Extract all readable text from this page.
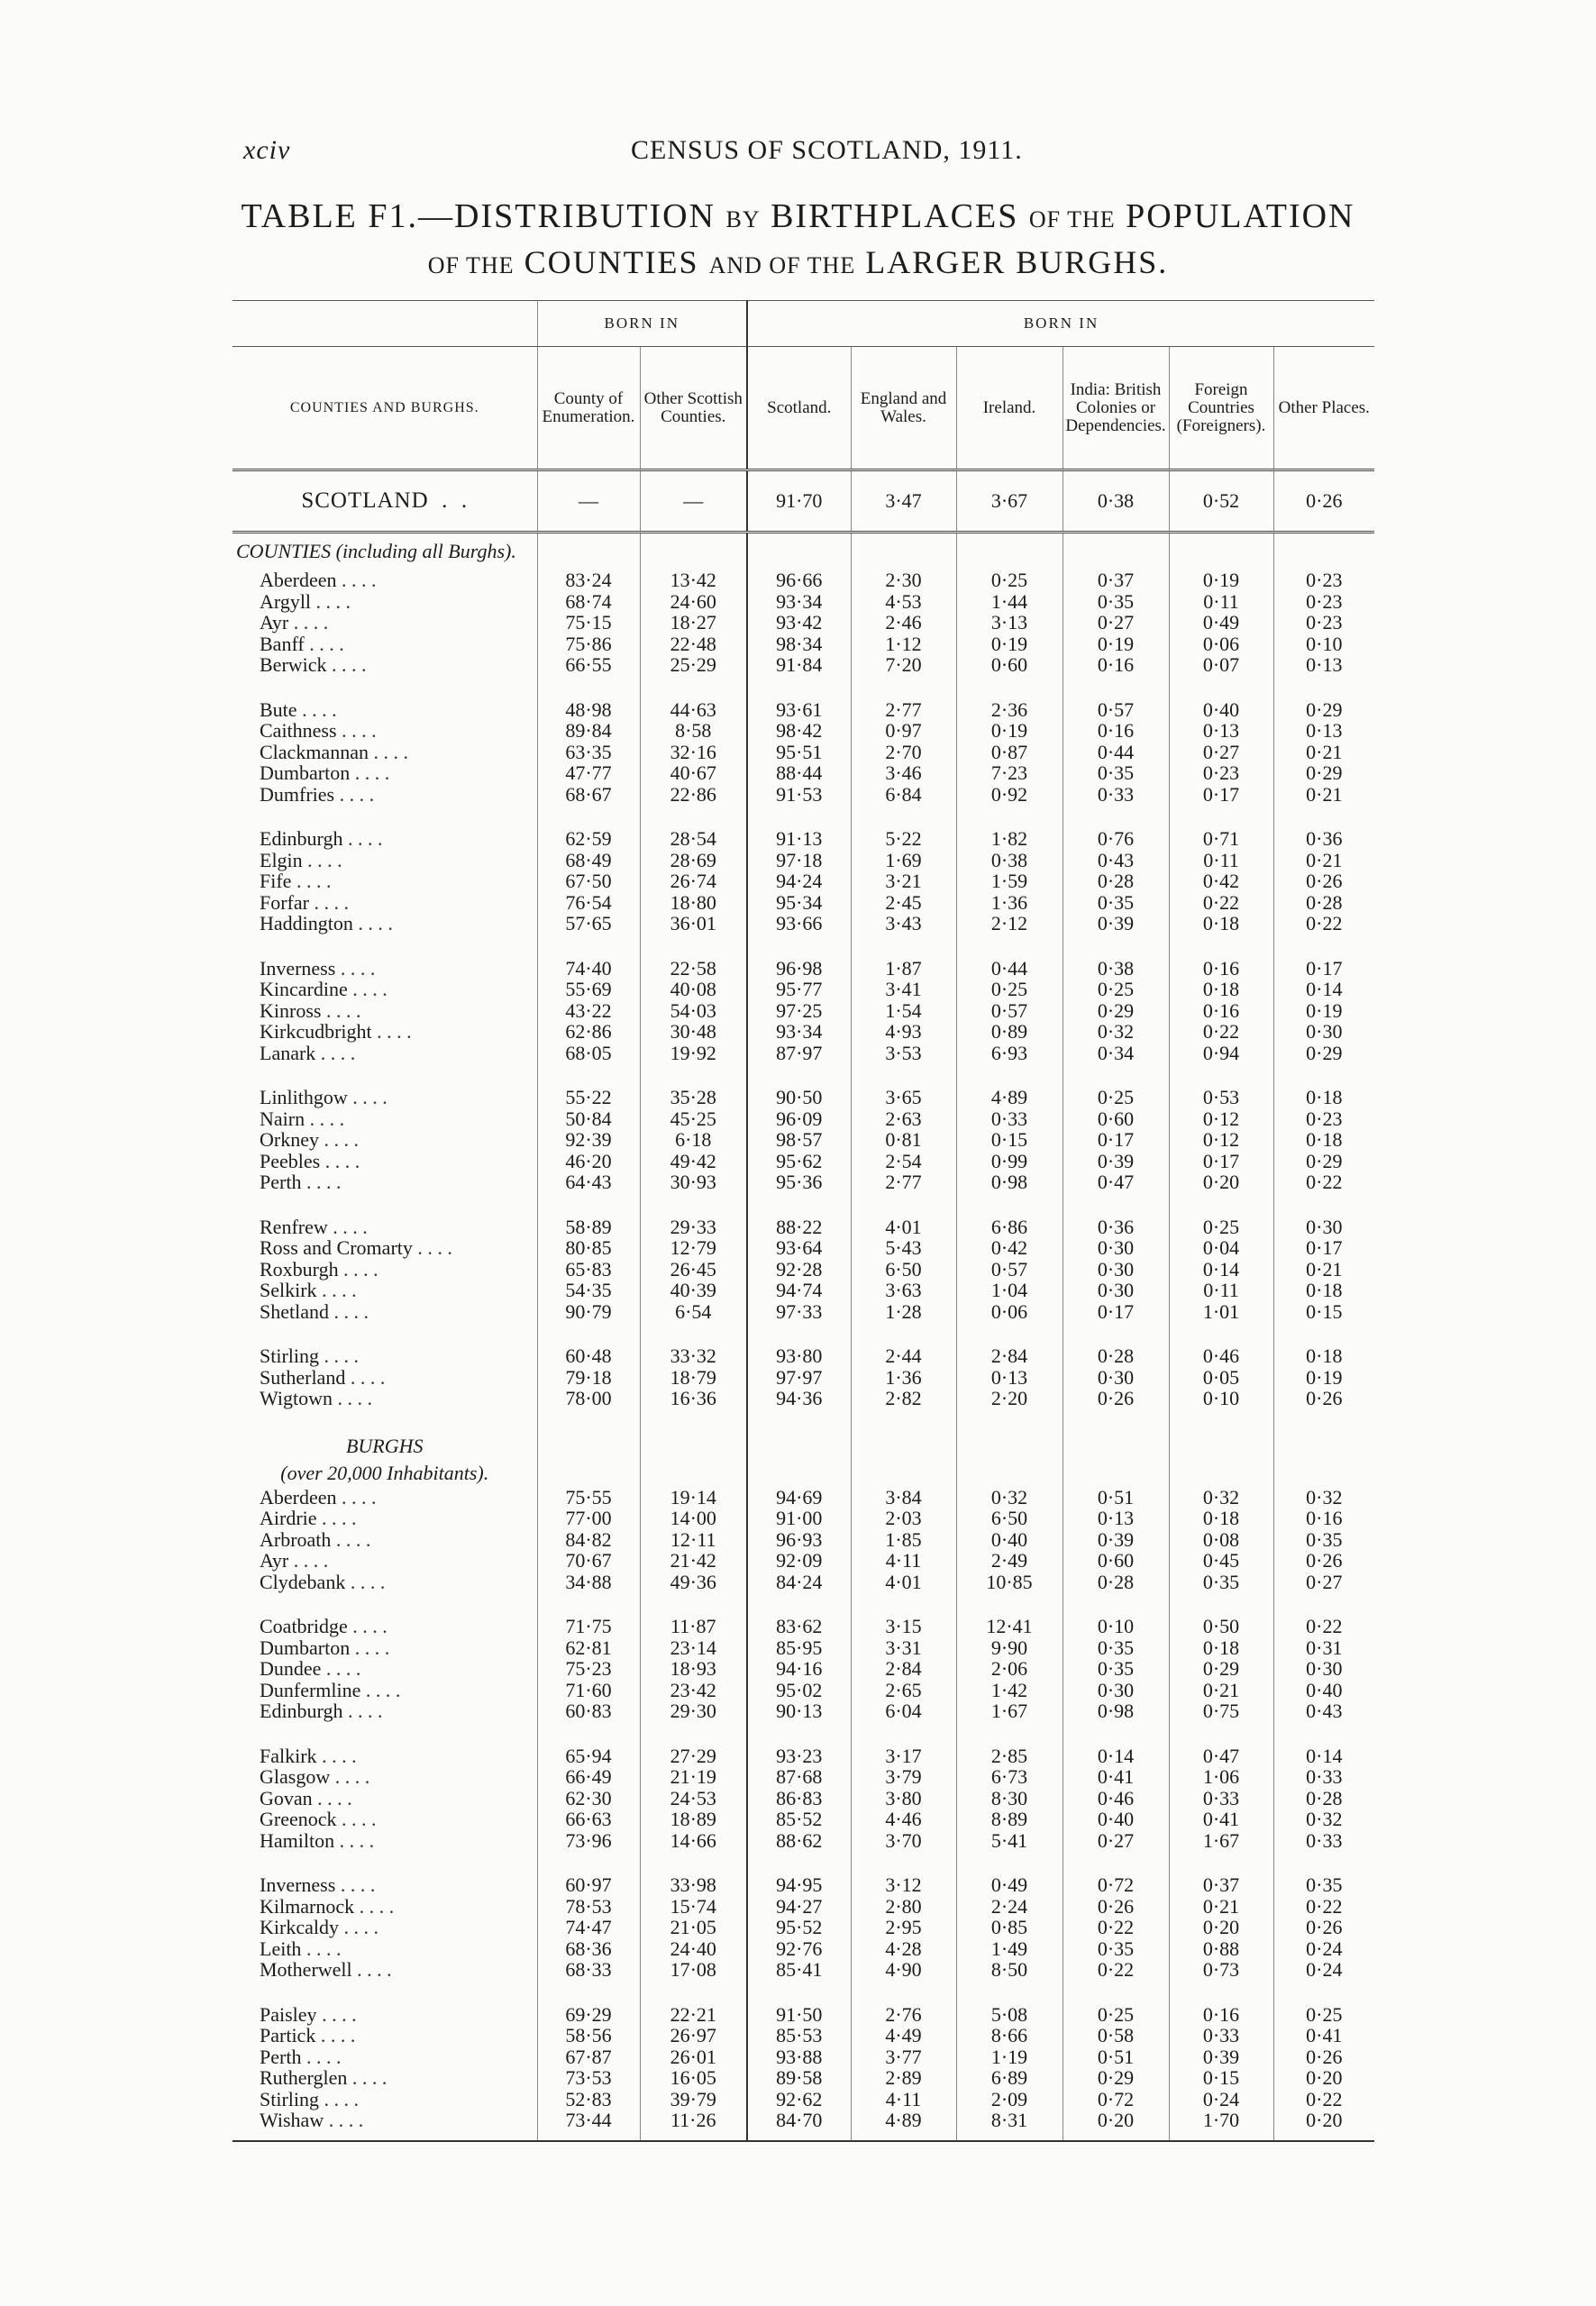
xciv	CENSUS OF SCOTLAND, 1911.
TABLE F1.—DISTRIBUTION BY BIRTHPLACES OF THE POPULATION
OF THE COUNTIES AND OF THE LARGER BURGHS.
	BORN IN		BORN IN					
COUNTIES AND BURGHS.	County of Enumeration.	Other Scottish Counties.	Scotland.	England and Wales.	Ireland.	India: British Colonies or Dependencies.	Foreign Countries (Foreigners).	Other Places.
SCOTLAND  .  .	—	—	91·70	3·47	3·67	0·38	0·52	0·26
COUNTIES (including all Burghs).								
Aberdeen . . . .	83·24	13·42	96·66	2·30	0·25	0·37	0·19	0·23
Argyll . . . .	68·74	24·60	93·34	4·53	1·44	0·35	0·11	0·23
Ayr . . . .	75·15	18·27	93·42	2·46	3·13	0·27	0·49	0·23
Banff . . . .	75·86	22·48	98·34	1·12	0·19	0·19	0·06	0·10
Berwick . . . .	66·55	25·29	91·84	7·20	0·60	0·16	0·07	0·13

Bute . . . .	48·98	44·63	93·61	2·77	2·36	0·57	0·40	0·29
Caithness . . . .	89·84	8·58	98·42	0·97	0·19	0·16	0·13	0·13
Clackmannan . . . .	63·35	32·16	95·51	2·70	0·87	0·44	0·27	0·21
Dumbarton . . . .	47·77	40·67	88·44	3·46	7·23	0·35	0·23	0·29
Dumfries . . . .	68·67	22·86	91·53	6·84	0·92	0·33	0·17	0·21

Edinburgh . . . .	62·59	28·54	91·13	5·22	1·82	0·76	0·71	0·36
Elgin . . . .	68·49	28·69	97·18	1·69	0·38	0·43	0·11	0·21
Fife . . . .	67·50	26·74	94·24	3·21	1·59	0·28	0·42	0·26
Forfar . . . .	76·54	18·80	95·34	2·45	1·36	0·35	0·22	0·28
Haddington . . . .	57·65	36·01	93·66	3·43	2·12	0·39	0·18	0·22

Inverness . . . .	74·40	22·58	96·98	1·87	0·44	0·38	0·16	0·17
Kincardine . . . .	55·69	40·08	95·77	3·41	0·25	0·25	0·18	0·14
Kinross . . . .	43·22	54·03	97·25	1·54	0·57	0·29	0·16	0·19
Kirkcudbright . . . .	62·86	30·48	93·34	4·93	0·89	0·32	0·22	0·30
Lanark . . . .	68·05	19·92	87·97	3·53	6·93	0·34	0·94	0·29

Linlithgow . . . .	55·22	35·28	90·50	3·65	4·89	0·25	0·53	0·18
Nairn . . . .	50·84	45·25	96·09	2·63	0·33	0·60	0·12	0·23
Orkney . . . .	92·39	6·18	98·57	0·81	0·15	0·17	0·12	0·18
Peebles . . . .	46·20	49·42	95·62	2·54	0·99	0·39	0·17	0·29
Perth . . . .	64·43	30·93	95·36	2·77	0·98	0·47	0·20	0·22

Renfrew . . . .	58·89	29·33	88·22	4·01	6·86	0·36	0·25	0·30
Ross and Cromarty . . . .	80·85	12·79	93·64	5·43	0·42	0·30	0·04	0·17
Roxburgh . . . .	65·83	26·45	92·28	6·50	0·57	0·30	0·14	0·21
Selkirk . . . .	54·35	40·39	94·74	3·63	1·04	0·30	0·11	0·18
Shetland . . . .	90·79	6·54	97·33	1·28	0·06	0·17	1·01	0·15

Stirling . . . .	60·48	33·32	93·80	2·44	2·84	0·28	0·46	0·18
Sutherland . . . .	79·18	18·79	97·97	1·36	0·13	0·30	0·05	0·19
Wigtown . . . .	78·00	16·36	94·36	2·82	2·20	0·26	0·10	0·26

BURGHS								
(over 20,000 Inhabitants).								
Aberdeen . . . .	75·55	19·14	94·69	3·84	0·32	0·51	0·32	0·32
Airdrie . . . .	77·00	14·00	91·00	2·03	6·50	0·13	0·18	0·16
Arbroath . . . .	84·82	12·11	96·93	1·85	0·40	0·39	0·08	0·35
Ayr . . . .	70·67	21·42	92·09	4·11	2·49	0·60	0·45	0·26
Clydebank . . . .	34·88	49·36	84·24	4·01	10·85	0·28	0·35	0·27

Coatbridge . . . .	71·75	11·87	83·62	3·15	12·41	0·10	0·50	0·22
Dumbarton . . . .	62·81	23·14	85·95	3·31	9·90	0·35	0·18	0·31
Dundee . . . .	75·23	18·93	94·16	2·84	2·06	0·35	0·29	0·30
Dunfermline . . . .	71·60	23·42	95·02	2·65	1·42	0·30	0·21	0·40
Edinburgh . . . .	60·83	29·30	90·13	6·04	1·67	0·98	0·75	0·43

Falkirk . . . .	65·94	27·29	93·23	3·17	2·85	0·14	0·47	0·14
Glasgow . . . .	66·49	21·19	87·68	3·79	6·73	0·41	1·06	0·33
Govan . . . .	62·30	24·53	86·83	3·80	8·30	0·46	0·33	0·28
Greenock . . . .	66·63	18·89	85·52	4·46	8·89	0·40	0·41	0·32
Hamilton . . . .	73·96	14·66	88·62	3·70	5·41	0·27	1·67	0·33

Inverness . . . .	60·97	33·98	94·95	3·12	0·49	0·72	0·37	0·35
Kilmarnock . . . .	78·53	15·74	94·27	2·80	2·24	0·26	0·21	0·22
Kirkcaldy . . . .	74·47	21·05	95·52	2·95	0·85	0·22	0·20	0·26
Leith . . . .	68·36	24·40	92·76	4·28	1·49	0·35	0·88	0·24
Motherwell . . . .	68·33	17·08	85·41	4·90	8·50	0·22	0·73	0·24

Paisley . . . .	69·29	22·21	91·50	2·76	5·08	0·25	0·16	0·25
Partick . . . .	58·56	26·97	85·53	4·49	8·66	0·58	0·33	0·41
Perth . . . .	67·87	26·01	93·88	3·77	1·19	0·51	0·39	0·26
Rutherglen . . . .	73·53	16·05	89·58	2·89	6·89	0·29	0·15	0·20
Stirling . . . .	52·83	39·79	92·62	4·11	2·09	0·72	0·24	0·22
Wishaw . . . .	73·44	11·26	84·70	4·89	8·31	0·20	1·70	0·20
